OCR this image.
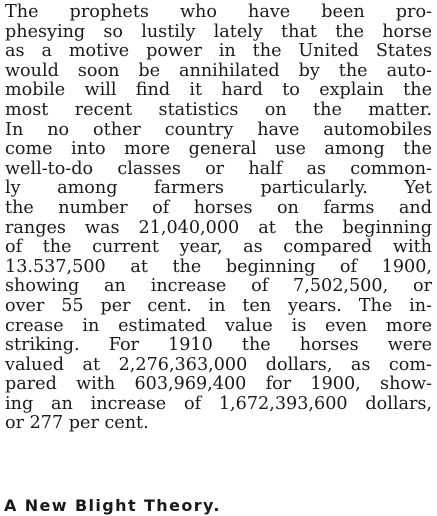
The prophets who have been pro-
phesying so lustily lately that the horse
as a motive power in the United States
would soon be annihilated by the auto-
mobile will find it hard to explain the
most recent statistics on the matter.
In no other country have automobiles
come into more general use among the
well-to-do classes or half as common-
ly among farmers particularly. Yet
the number of horses on farms and
ranges was 21,040,000 at the beginning
of the current year, as compared with
13.537,500 at the beginning of 1900,
showing an increase of 7,502,500, or
over 55 per cent. in ten years. The in-
crease in estimated value is even more
striking. For 1910 the horses were
valued at 2,276,363,000 dollars, as com-
pared with 603,969,400 for 1900, show-
ing an increase of 1,672,393,600 dollars,
or 277 per cent.
A New Blight Theory.
